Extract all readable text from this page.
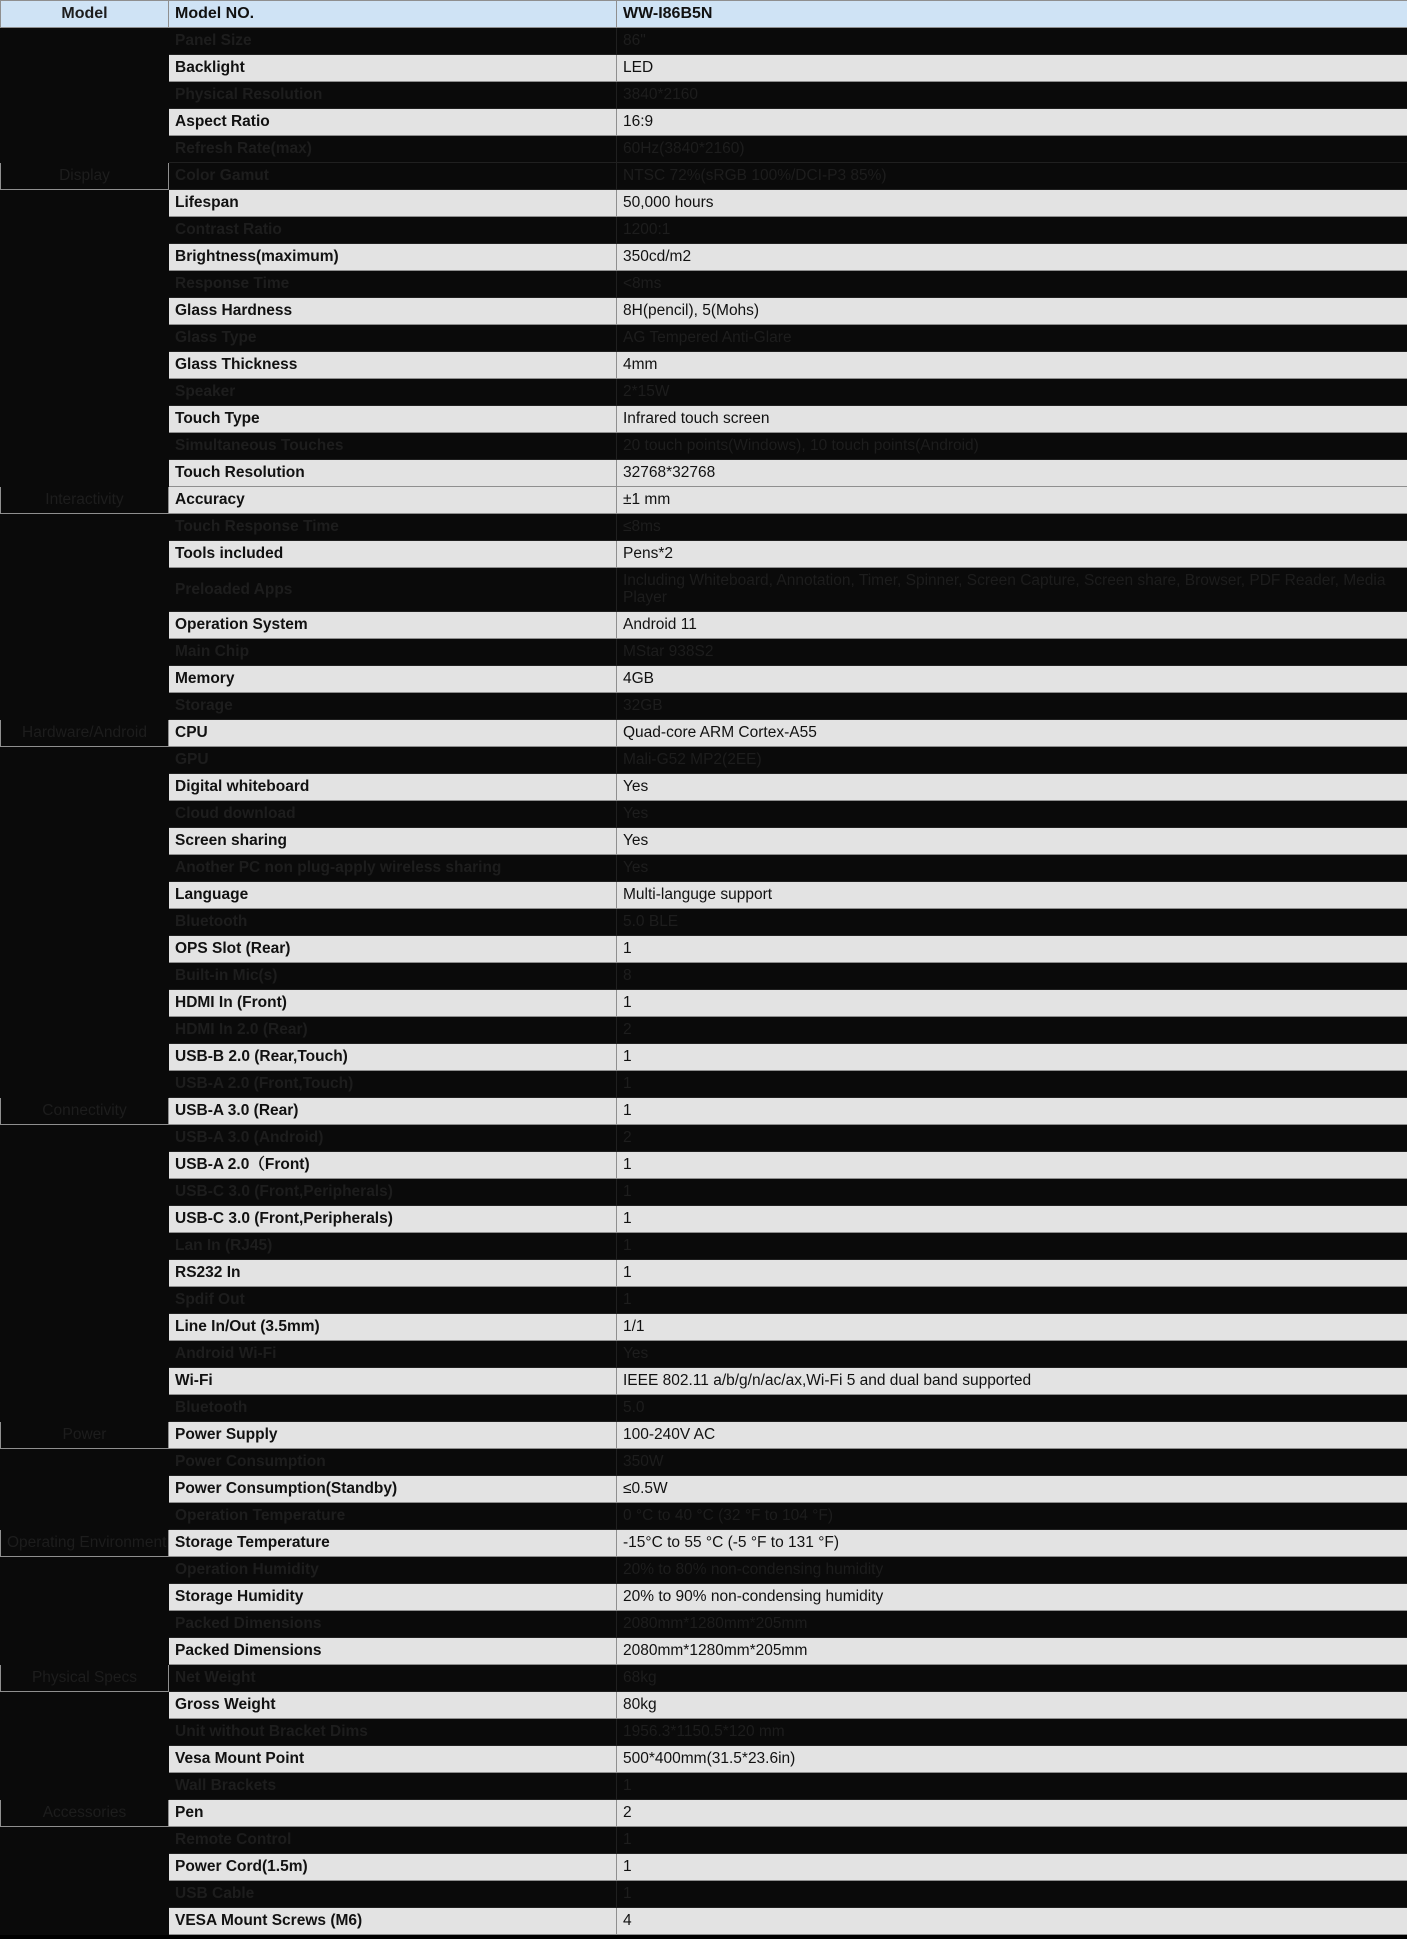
Model	Model NO.	WW-I86B5N
	Panel Size	86"
	Backlight	LED
	Physical Resolution	3840*2160
	Aspect Ratio	16:9
	Refresh Rate(max)	60Hz(3840*2160)
Display	Color Gamut	NTSC 72%(sRGB 100%/DCI-P3 85%)
	Lifespan	50,000 hours
	Contrast Ratio	1200:1
	Brightness(maximum)	350cd/m2
	Response Time	<8ms
	Glass Hardness	8H(pencil), 5(Mohs)
	Glass Type	AG Tempered Anti-Glare
	Glass Thickness	4mm
	Speaker	2*15W
	Touch Type	Infrared touch screen
	Simultaneous Touches	20 touch points(Windows), 10 touch points(Android)
	Touch Resolution	32768*32768
Interactivity	Accuracy	±1 mm
	Touch Response Time	≤8ms
	Tools included	Pens*2
	Preloaded Apps	Including Whiteboard, Annotation, Timer, Spinner, Screen Capture, Screen share, Browser, PDF Reader, Media Player
	Operation System	Android 11
	Main Chip	MStar 938S2
	Memory	4GB
	Storage	32GB
Hardware/Android	CPU	Quad-core ARM Cortex-A55
	GPU	Mali-G52 MP2(2EE)
	Digital whiteboard	Yes
	Cloud download	Yes
	Screen sharing	Yes
	Another PC non plug-apply wireless sharing	Yes
	Language	Multi-languge support
	Bluetooth	5.0 BLE
	OPS Slot (Rear)	1
	Built-in Mic(s)	8
	HDMI In (Front)	1
	HDMI In 2.0 (Rear)	2
	USB-B 2.0 (Rear,Touch)	1
	USB-A 2.0 (Front,Touch)	1
Connectivity	USB-A 3.0 (Rear)	1
	USB-A 3.0 (Android)	2
	USB-A 2.0（Front)	1
	USB-C 3.0 (Front,Peripherals)	1
	USB-C 3.0 (Front,Peripherals)	1
	Lan In (RJ45)	1
	RS232 In	1
	Spdif Out	1
	Line In/Out (3.5mm)	1/1
	Android Wi-Fi	Yes
	Wi-Fi	IEEE 802.11 a/b/g/n/ac/ax,Wi-Fi 5 and dual band supported
	Bluetooth	5.0
Power	Power Supply	100-240V AC
	Power Consumption	350W
	Power Consumption(Standby)	≤0.5W
	Operation Temperature	0 °C to 40 °C (32 °F to 104 °F)
Operating Environment	Storage Temperature	-15°C to 55 °C (-5 °F to 131 °F)
	Operation Humidity	20% to 80% non-condensing humidity
	Storage Humidity	20% to 90% non-condensing humidity
	Packed Dimensions	2080mm*1280mm*205mm
	Packed Dimensions	2080mm*1280mm*205mm
Physical Specs	Net Weight	68kg
	Gross Weight	80kg
	Unit without Bracket Dims	1956.3*1150.5*120 mm
	Vesa Mount Point	500*400mm(31.5*23.6in)
	Wall Brackets	1
Accessories	Pen	2
	Remote Control	1
	Power Cord(1.5m)	1
	USB Cable	1
	VESA Mount Screws (M6)	4
